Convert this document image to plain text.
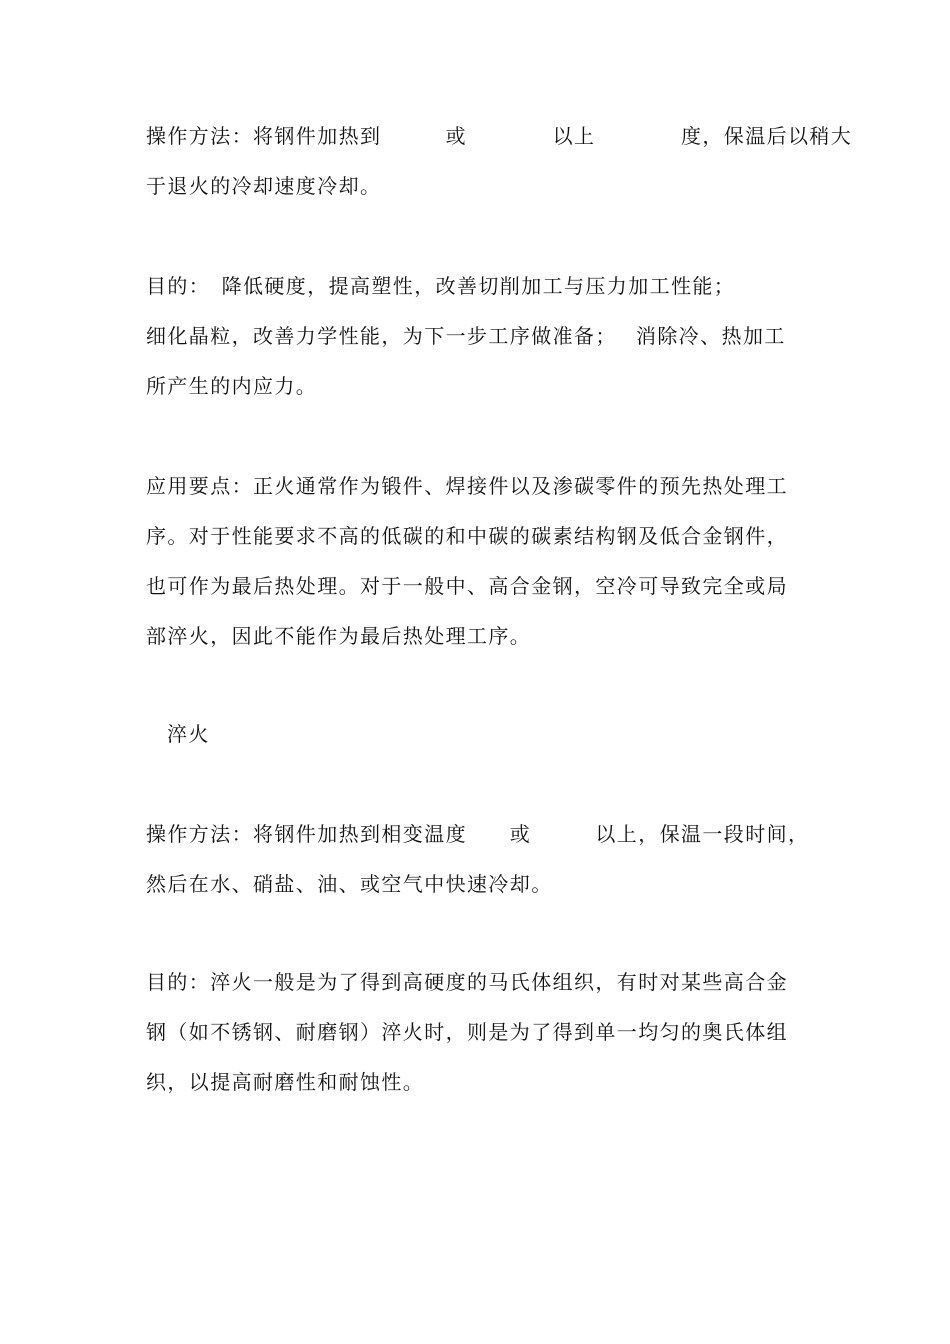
操作方法：将钢件加热到　　　或　　　　以上　　　　度，保温后以稍大
于退火的冷却速度冷却。
目的：　降低硬度，提高塑性，改善切削加工与压力加工性能；
细化晶粒，改善力学性能，为下一步工序做准备；　 消除冷、热加工
所产生的内应力。
应用要点：正火通常作为锻件、焊接件以及渗碳零件的预先热处理工
序。对于性能要求不高的低碳的和中碳的碳素结构钢及低合金钢件，
也可作为最后热处理。对于一般中、高合金钢，空冷可导致完全或局
部淬火，因此不能作为最后热处理工序。
淬火
操作方法：将钢件加热到相变温度　　或　　　以上，保温一段时间，
然后在水、硝盐、油、或空气中快速冷却。
目的：淬火一般是为了得到高硬度的马氏体组织，有时对某些高合金
钢（如不锈钢、耐磨钢）淬火时，则是为了得到单一均匀的奥氏体组
织，以提高耐磨性和耐蚀性。
